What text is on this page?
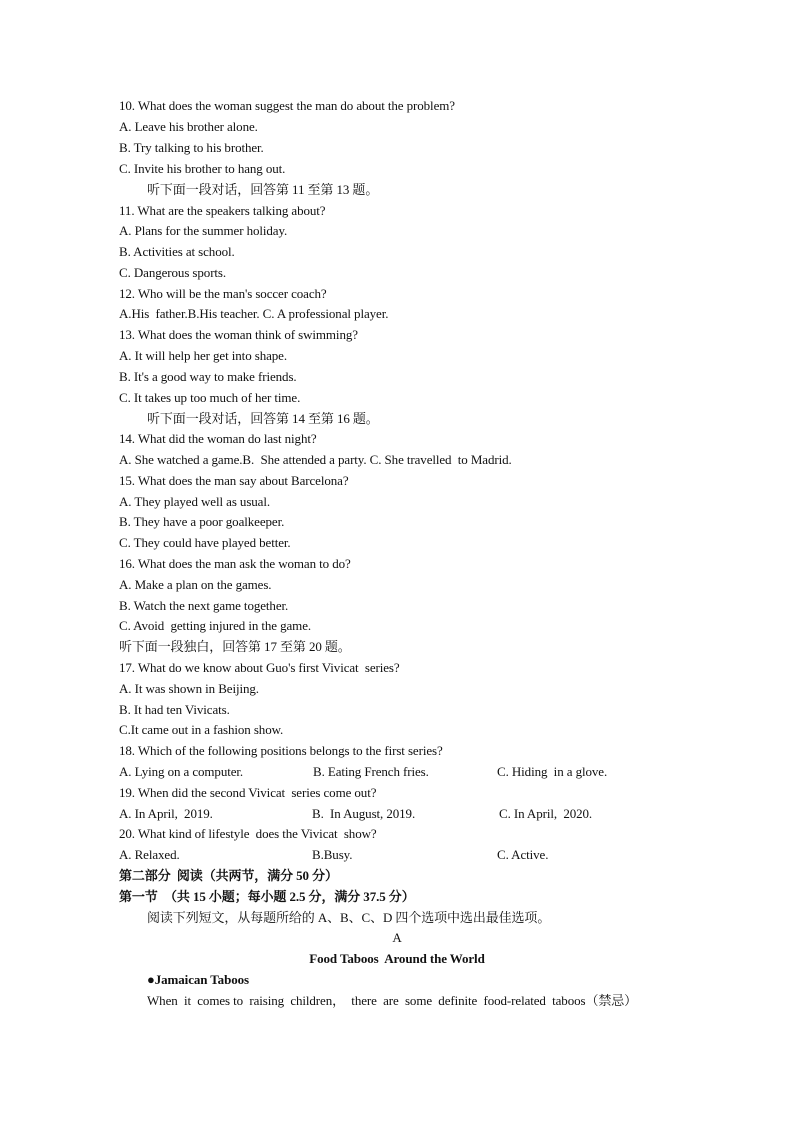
10. What does the woman suggest the man do about the problem?
A. Leave his brother alone.
B. Try talking to his brother.
C. Invite his brother to hang out.
听下面一段对话，回答第 11 至第 13 题。
11. What are the speakers talking about?
A. Plans for the summer holiday.
B. Activities at school.
C. Dangerous sports.
12. Who will be the man's soccer coach?
A.His  father.B.His teacher. C. A professional player.
13. What does the woman think of swimming?
A. It will help her get into shape.
B. It's a good way to make friends.
C. It takes up too much of her time.
听下面一段对话，回答第 14 至第 16 题。
14. What did the woman do last night?
A. She watched a game.B.  She attended a party. C. She travelled  to Madrid.
15. What does the man say about Barcelona?
A. They played well as usual.
B. They have a poor goalkeeper.
C. They could have played better.
16. What does the man ask the woman to do?
A. Make a plan on the games.
B. Watch the next game together.
C. Avoid  getting injured in the game.
听下面一段独白，回答第 17 至第 20 题。
17. What do we know about Guo's first Vivicat  series?
A. It was shown in Beijing.
B. It had ten Vivicats.
C.It came out in a fashion show.
18. Which of the following positions belongs to the first series?
A. Lying on a computer.	B. Eating French fries.	C. Hiding  in a glove.
19. When did the second Vivicat  series come out?
A. In April,  2019.	B.  In August, 2019.	C. In April,  2020.
20. What kind of lifestyle  does the Vivicat  show?
A. Relaxed.	B.Busy.	C. Active.
第二部分  阅读（共两节，满分 50 分）
第一节  （共 15 小题；每小题 2.5 分，满分 37.5 分）
阅读下列短文，从每题所给的 A、B、C、D 四个选项中选出最佳选项。
A
Food Taboos  Around the World
●Jamaican Taboos
When  it  comes to  raising  children，  there  are  some  definite  food-related  taboos（禁忌）
